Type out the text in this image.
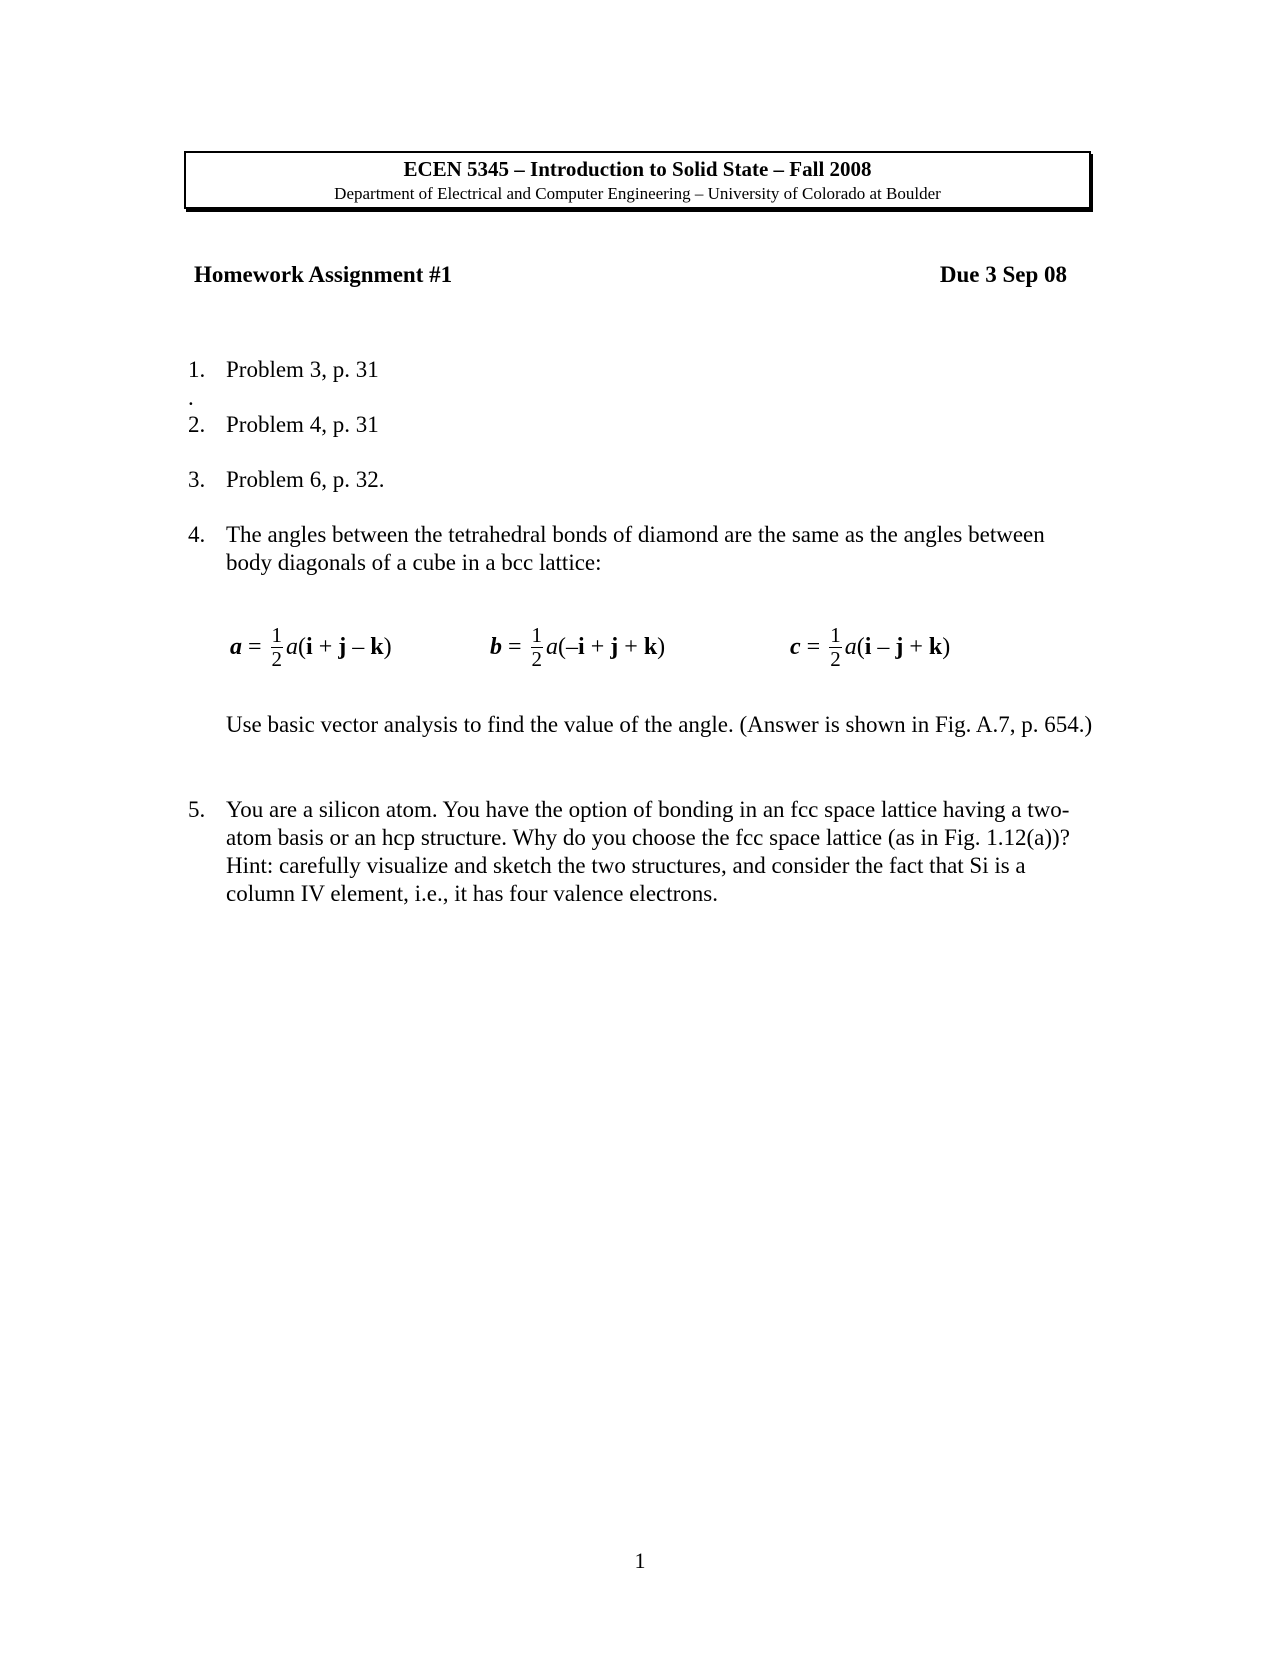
ECEN 5345 – Introduction to Solid State – Fall 2008
Department of Electrical and Computer Engineering – University of Colorado at Boulder
Homework Assignment #1	Due 3 Sep 08
1. .
Problem 3, p. 31
2. Problem 4, p. 31
3. Problem 6, p. 32.
4. The angles between the tetrahedral bonds of diamond are the same as the angles between body diagonals of a cube in a bcc lattice:
$a = \frac{1}{2}$ a ( i + j – k )	$b = \frac{1}{2}$ a ( – i + j + k )	$c = \frac{1}{2}$ a ( i – j + k )
Use basic vector analysis to find the value of the angle. (Answer is shown in Fig. A.7, p. 654.)
5. You are a silicon atom. You have the option of bonding in an fcc space lattice having a two-atom basis or an hcp structure. Why do you choose the fcc space lattice (as in Fig. 1.12(a))? Hint: carefully visualize and sketch the two structures, and consider the fact that Si is a column IV element, i.e., it has four valence electrons.
1
